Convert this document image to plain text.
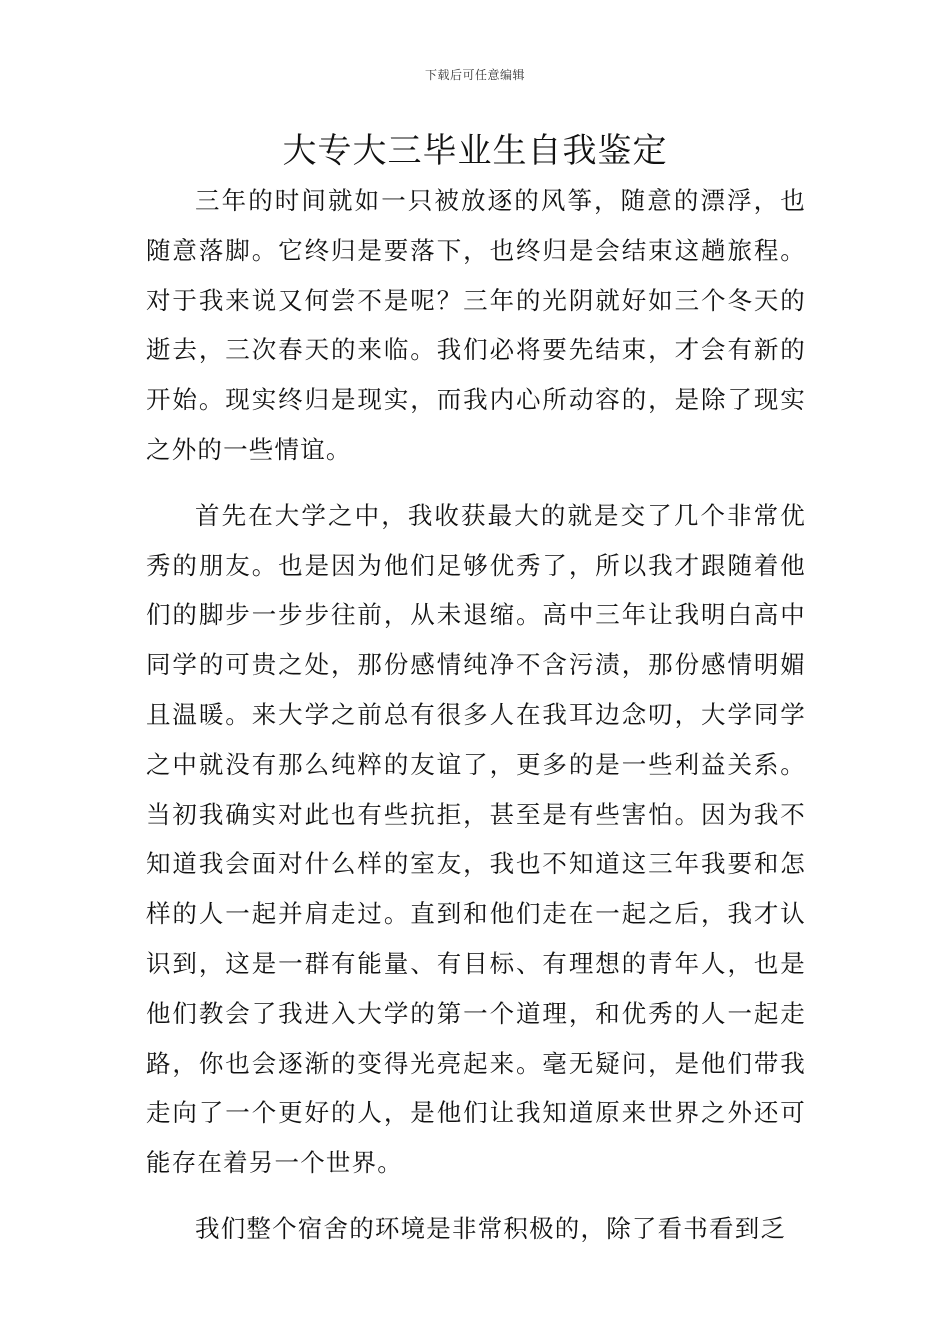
下载后可任意编辑
大专大三毕业生自我鉴定

三年的时间就如一只被放逐的风筝，随意的漂浮，也随意落脚。它终归是要落下，也终归是会结束这趟旅程。对于我来说又何尝不是呢？三年的光阴就好如三个冬天的逝去，三次春天的来临。我们必将要先结束，才会有新的开始。现实终归是现实，而我内心所动容的，是除了现实之外的一些情谊。

首先在大学之中，我收获最大的就是交了几个非常优秀的朋友。也是因为他们足够优秀了，所以我才跟随着他们的脚步一步步往前，从未退缩。高中三年让我明白高中同学的可贵之处，那份感情纯净不含污渍，那份感情明媚且温暖。来大学之前总有很多人在我耳边念叨，大学同学之中就没有那么纯粹的友谊了，更多的是一些利益关系。当初我确实对此也有些抗拒，甚至是有些害怕。因为我不知道我会面对什么样的室友，我也不知道这三年我要和怎样的人一起并肩走过。直到和他们走在一起之后，我才认识到，这是一群有能量、有目标、有理想的青年人，也是他们教会了我进入大学的第一个道理，和优秀的人一起走路，你也会逐渐的变得光亮起来。毫无疑问，是他们带我走向了一个更好的人，是他们让我知道原来世界之外还可能存在着另一个世界。

我们整个宿舍的环境是非常积极的，除了看书看到乏
